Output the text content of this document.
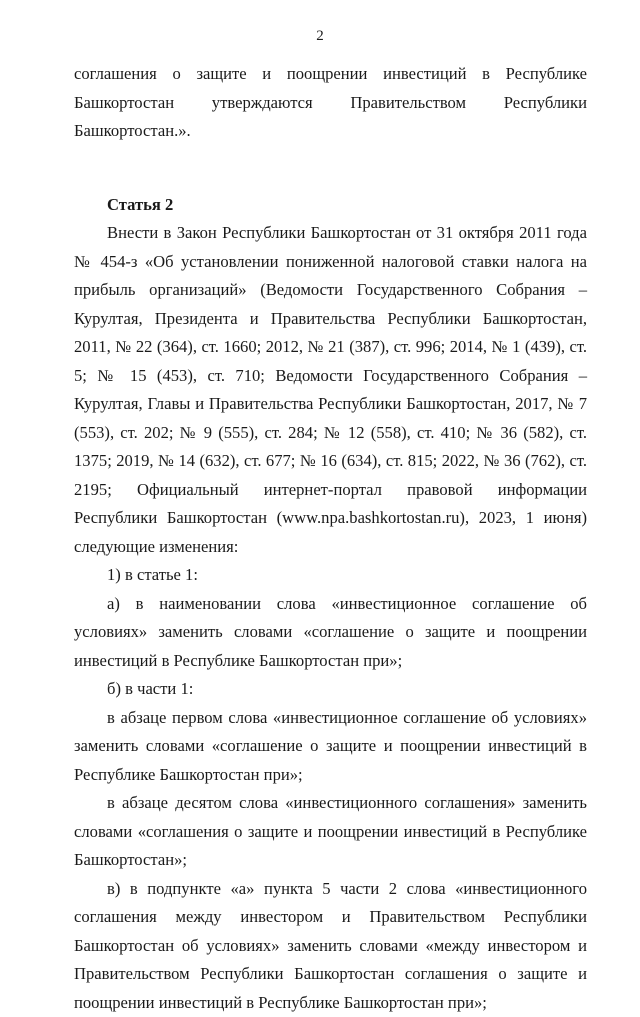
2

соглашения о защите и поощрении инвестиций в Республике Башкортостан утверждаются Правительством Республики Башкортостан.».

Статья 2

Внести в Закон Республики Башкортостан от 31 октября 2011 года № 454-з «Об установлении пониженной налоговой ставки налога на прибыль организаций» (Ведомости Государственного Собрания – Курултая, Президента и Правительства Республики Башкортостан, 2011, № 22 (364), ст. 1660; 2012, № 21 (387), ст. 996; 2014, № 1 (439), ст. 5; № 15 (453), ст. 710; Ведомости Государственного Собрания – Курултая, Главы и Правительства Республики Башкортостан, 2017, № 7 (553), ст. 202; № 9 (555), ст. 284; № 12 (558), ст. 410; № 36 (582), ст. 1375; 2019, № 14 (632), ст. 677; № 16 (634), ст. 815; 2022, № 36 (762), ст. 2195; Официальный интернет-портал правовой информации Республики Башкортостан (www.npa.bashkortostan.ru), 2023, 1 июня) следующие изменения:

1) в статье 1:

а) в наименовании слова «инвестиционное соглашение об условиях» заменить словами «соглашение о защите и поощрении инвестиций в Республике Башкортостан при»;

б) в части 1:

в абзаце первом слова «инвестиционное соглашение об условиях» заменить словами «соглашение о защите и поощрении инвестиций в Республике Башкортостан при»;

в абзаце десятом слова «инвестиционного соглашения» заменить словами «соглашения о защите и поощрении инвестиций в Республике Башкортостан»;

в) в подпункте «а» пункта 5 части 2 слова «инвестиционного соглашения между инвестором и Правительством Республики Башкортостан об условиях» заменить словами «между инвестором и Правительством Республики Башкортостан соглашения о защите и поощрении инвестиций в Республике Башкортостан при»;
